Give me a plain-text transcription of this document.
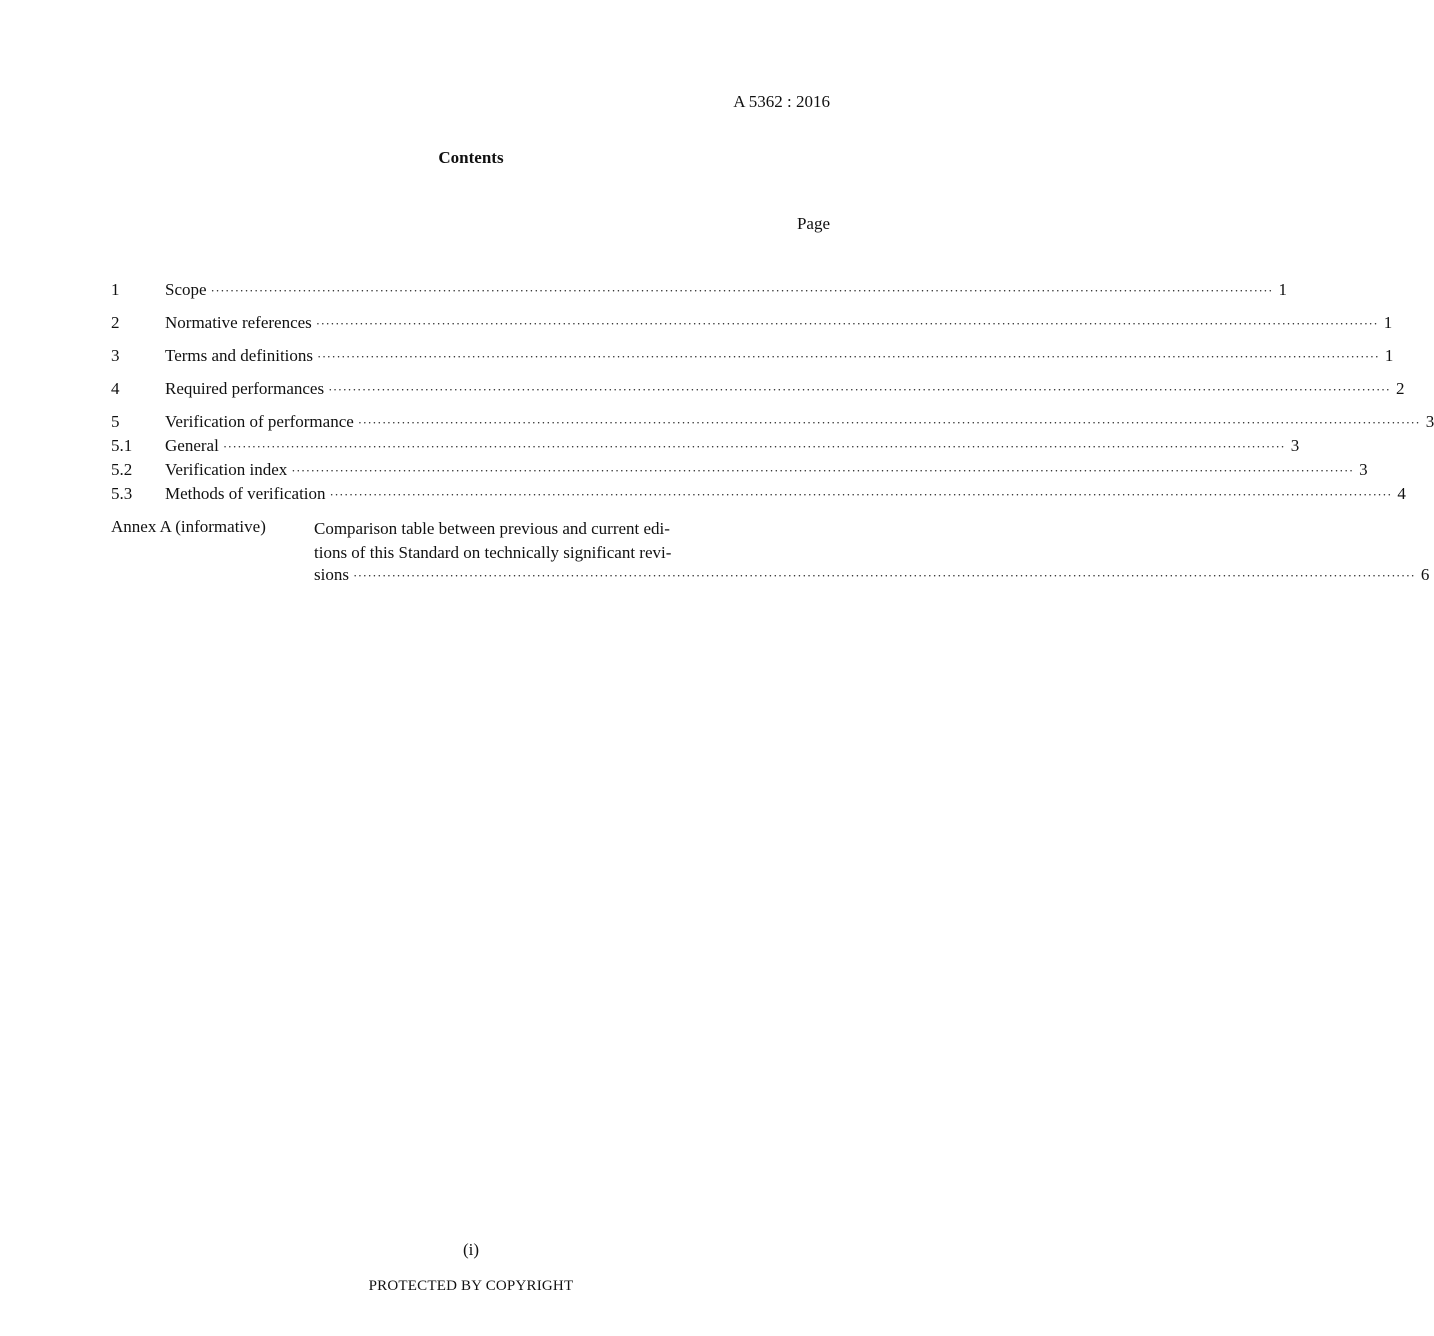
A 5362 : 2016
Contents
Page
1	Scope ···························································································································································································································· 1
2	Normative references ···························································································································································································································· 1
3	Terms and definitions ···························································································································································································································· 1
4	Required performances ···························································································································································································································· 2
5	Verification of performance ···························································································································································································································· 3
5.1	General ···························································································································································································································· 3
5.2	Verification index ···························································································································································································································· 3
5.3	Methods of verification ···························································································································································································································· 4
Annex A (informative)	Comparison table between previous and current edi-
tions of this Standard on technically significant revi-
sions ···························································································································································································································· 6
(i)
PROTECTED BY COPYRIGHT
